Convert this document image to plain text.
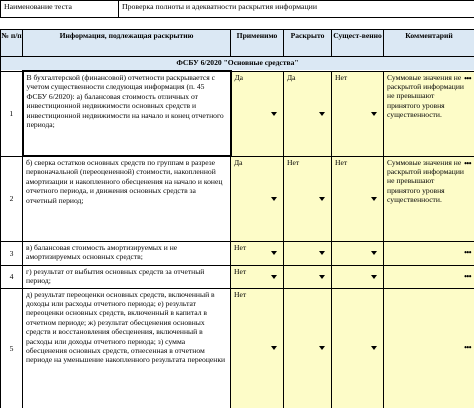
Наименование теста	Проверка полноты и адекватности раскрытия информации
№ п/п	Информация, подлежащая раскрытию	Применимо	Раскрыто	Сущест-венно	Комментарий
ФСБУ 6/2020 "Основные средства"					
1	В бухгалтерской (финансовой) отчетности раскрывается с учетом существенности следующая информация (п. 45 ФСБУ 6/2020): а) балансовая стоимость отличных от инвестиционной недвижимости основных средств и инвестиционной недвижимости на начало и конец отчетного периода;	Да	Да	Нет	Суммовые значения не раскрытой информации не превышают принятого уровня существенности.
•••

2	б) сверка остатков основных средств по группам в разрезе первоначальной (переоцененной) стоимости, накопленной амортизации и накопленного обесценения на начало и конец отчетного периода, и движения основных средств за отчетный период;	Да	Нет	Нет	Суммовые значения не раскрытой информации не превышают принятого уровня существенности.
•••

3	в) балансовая стоимость амортизируемых и не амортизируемых основных средств;	Нет			•••

4	г) результат от выбытия основных средств за отчетный период;	Нет			•••

5	д) результат переоценки основных средств, включенный в доходы или расходы отчетного периода; е) результат переоценки основных средств, включенный в капитал в отчетном периоде; ж) результат обесценения основных средств и восстановления обесценения, включенный в расходы или доходы отчетного периода; з) сумма обесценения основных средств, отнесенная в отчетном периоде на уменьшение накопленного результата переоценки	Нет			•••
